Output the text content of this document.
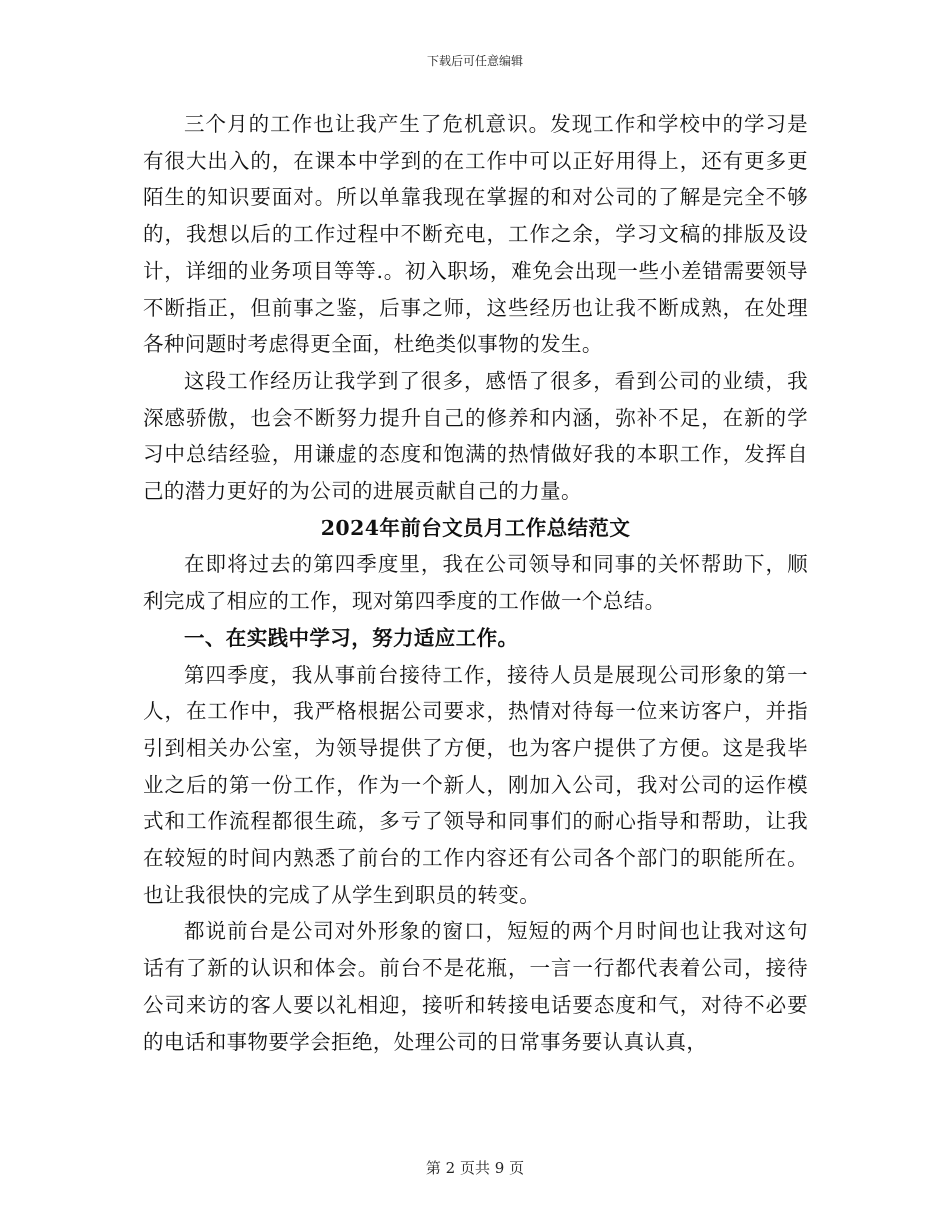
下载后可任意编辑

三个月的工作也让我产生了危机意识。发现工作和学校中的学习是有很大出入的，在课本中学到的在工作中可以正好用得上，还有更多更陌生的知识要面对。所以单靠我现在掌握的和对公司的了解是完全不够的，我想以后的工作过程中不断充电，工作之余，学习文稿的排版及设计，详细的业务项目等等.。初入职场，难免会出现一些小差错需要领导不断指正，但前事之鉴，后事之师，这些经历也让我不断成熟，在处理各种问题时考虑得更全面，杜绝类似事物的发生。

这段工作经历让我学到了很多，感悟了很多，看到公司的业绩，我深感骄傲，也会不断努力提升自己的修养和内涵，弥补不足，在新的学习中总结经验，用谦虚的态度和饱满的热情做好我的本职工作，发挥自己的潜力更好的为公司的进展贡献自己的力量。

2024年前台文员月工作总结范文

在即将过去的第四季度里，我在公司领导和同事的关怀帮助下，顺利完成了相应的工作，现对第四季度的工作做一个总结。

一、在实践中学习，努力适应工作。

第四季度，我从事前台接待工作，接待人员是展现公司形象的第一人，在工作中，我严格根据公司要求，热情对待每一位来访客户，并指引到相关办公室，为领导提供了方便，也为客户提供了方便。这是我毕业之后的第一份工作，作为一个新人，刚加入公司，我对公司的运作模式和工作流程都很生疏，多亏了领导和同事们的耐心指导和帮助，让我在较短的时间内熟悉了前台的工作内容还有公司各个部门的职能所在。也让我很快的完成了从学生到职员的转变。

都说前台是公司对外形象的窗口，短短的两个月时间也让我对这句话有了新的认识和体会。前台不是花瓶，一言一行都代表着公司，接待公司来访的客人要以礼相迎，接听和转接电话要态度和气，对待不必要的电话和事物要学会拒绝，处理公司的日常事务要认真认真，

第 2 页共 9 页
